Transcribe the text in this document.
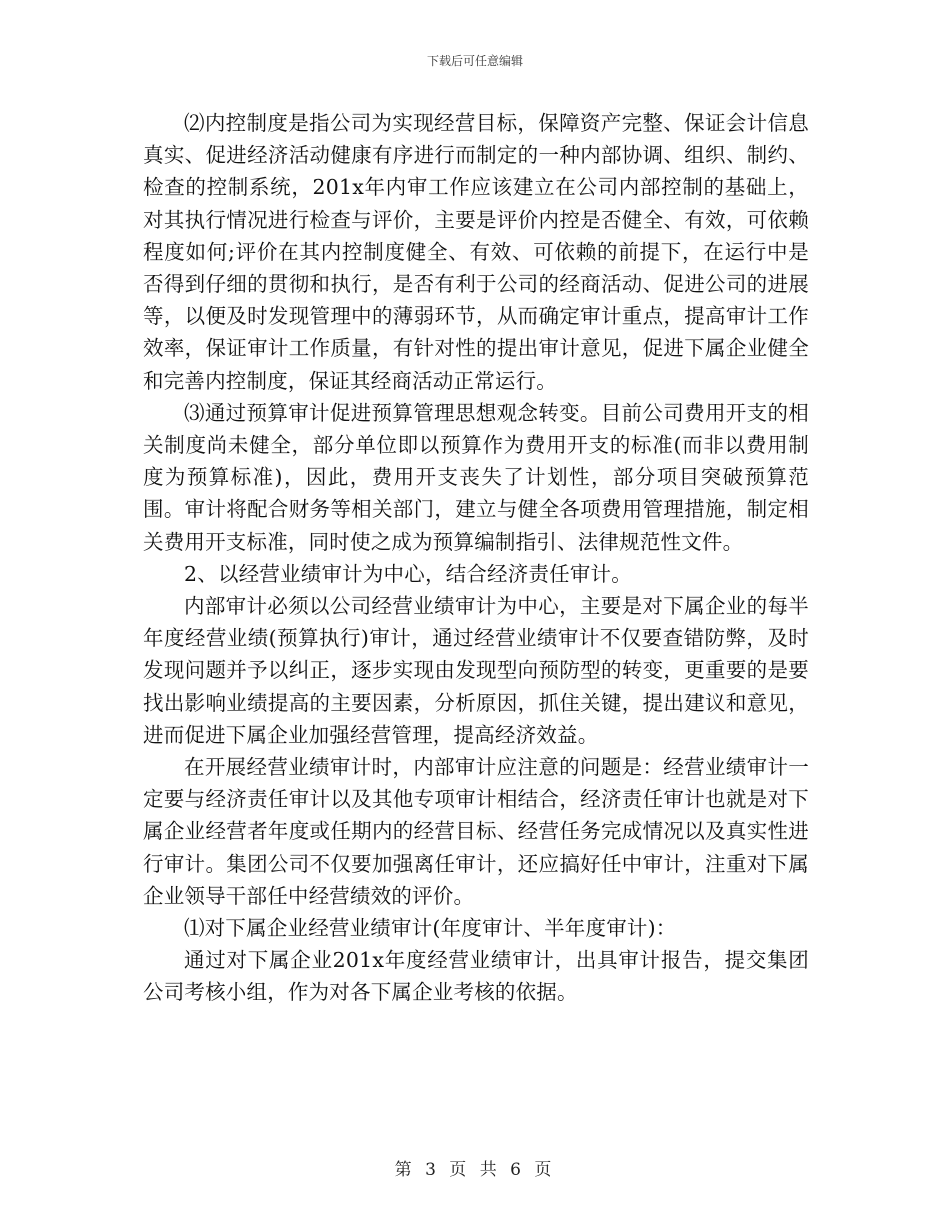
下载后可任意编辑

⑵内控制度是指公司为实现经营目标，保障资产完整、保证会计信息真实、促进经济活动健康有序进行而制定的一种内部协调、组织、制约、检查的控制系统，201x年内审工作应该建立在公司内部控制的基础上，对其执行情况进行检查与评价，主要是评价内控是否健全、有效，可依赖程度如何;评价在其内控制度健全、有效、可依赖的前提下，在运行中是否得到仔细的贯彻和执行，是否有利于公司的经商活动、促进公司的进展等，以便及时发现管理中的薄弱环节，从而确定审计重点，提高审计工作效率，保证审计工作质量，有针对性的提出审计意见，促进下属企业健全和完善内控制度，保证其经商活动正常运行。

⑶通过预算审计促进预算管理思想观念转变。目前公司费用开支的相关制度尚未健全，部分单位即以预算作为费用开支的标准(而非以费用制度为预算标准)，因此，费用开支丧失了计划性，部分项目突破预算范围。审计将配合财务等相关部门，建立与健全各项费用管理措施，制定相关费用开支标准，同时使之成为预算编制指引、法律规范性文件。

2、以经营业绩审计为中心，结合经济责任审计。

内部审计必须以公司经营业绩审计为中心，主要是对下属企业的每半年度经营业绩(预算执行)审计，通过经营业绩审计不仅要查错防弊，及时发现问题并予以纠正，逐步实现由发现型向预防型的转变，更重要的是要找出影响业绩提高的主要因素，分析原因，抓住关键，提出建议和意见，进而促进下属企业加强经营管理，提高经济效益。

在开展经营业绩审计时，内部审计应注意的问题是：经营业绩审计一定要与经济责任审计以及其他专项审计相结合，经济责任审计也就是对下属企业经营者年度或任期内的经营目标、经营任务完成情况以及真实性进行审计。集团公司不仅要加强离任审计，还应搞好任中审计，注重对下属企业领导干部任中经营绩效的评价。

⑴对下属企业经营业绩审计(年度审计、半年度审计)：

通过对下属企业201x年度经营业绩审计，出具审计报告，提交集团公司考核小组，作为对各下属企业考核的依据。

第 3 页 共 6 页
